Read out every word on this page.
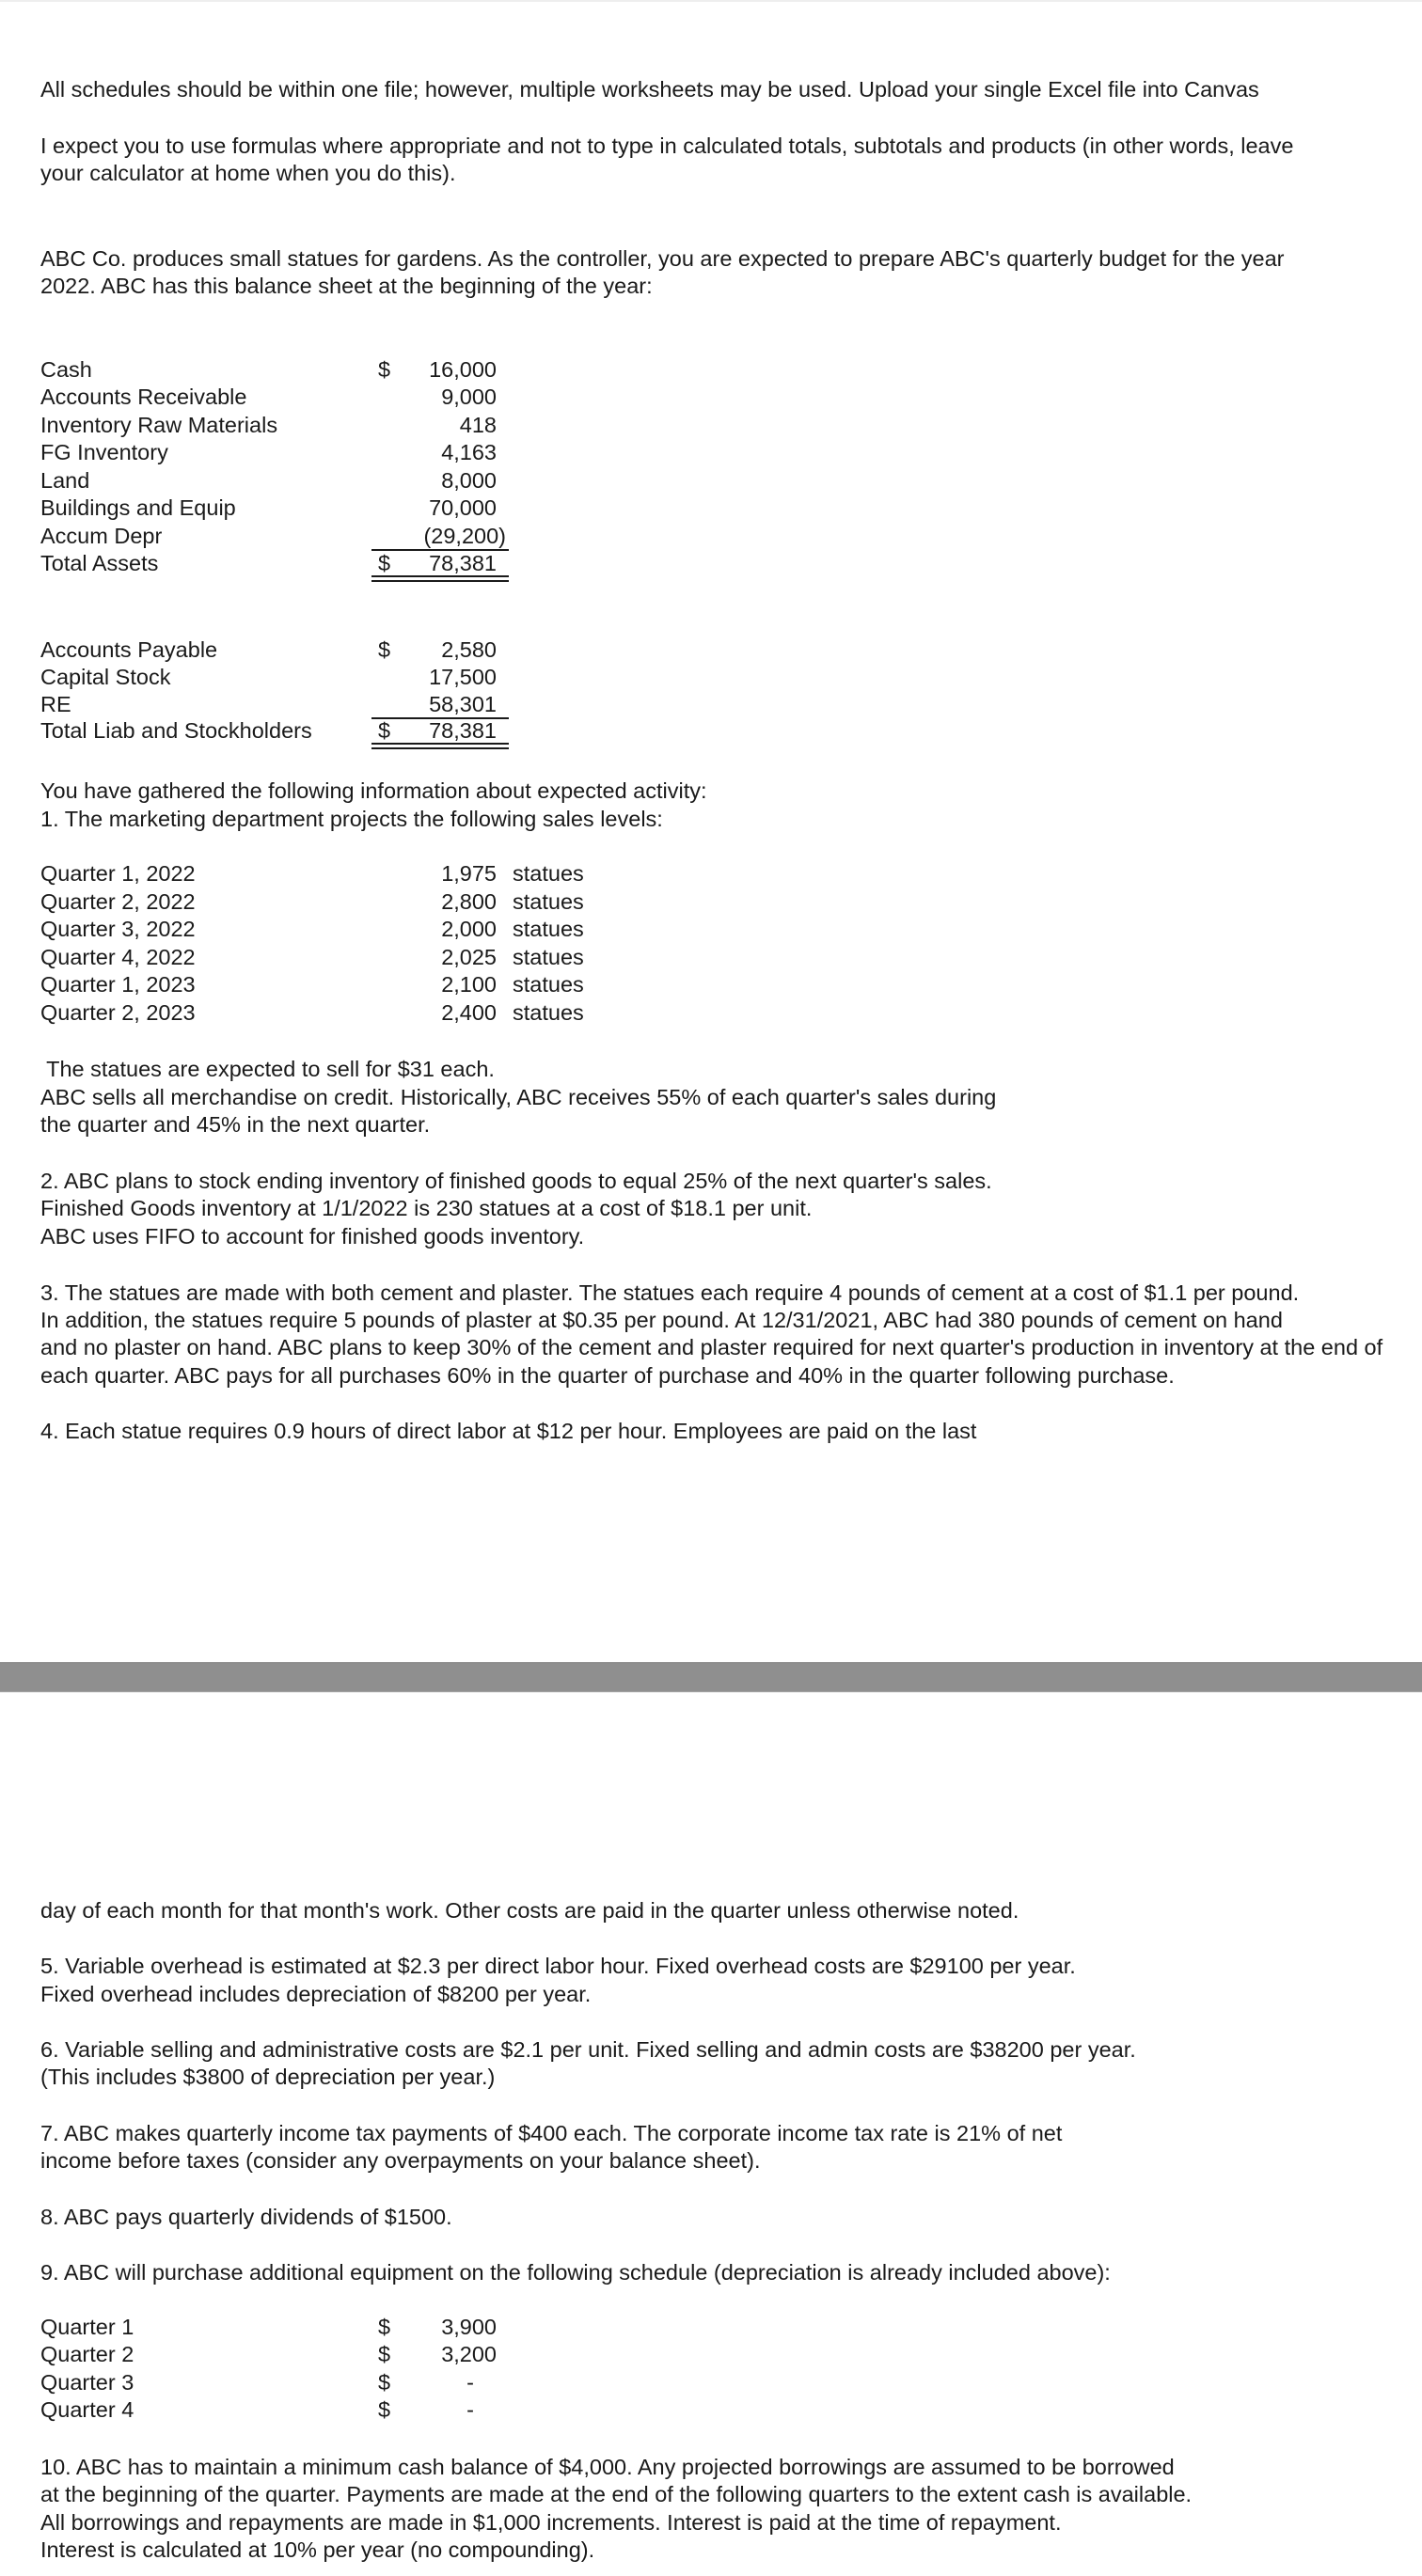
All schedules should be within one file; however, multiple worksheets may be used. Upload your single Excel file into Canvas
I expect you to use formulas where appropriate and not to type in calculated totals, subtotals and products (in other words, leave
your calculator at home when you do this).
ABC Co. produces small statues for gardens. As the controller, you are expected to prepare ABC's quarterly budget for the year
2022. ABC has this balance sheet at the beginning of the year:
Cash	$	16,000
Accounts Receivable	9,000
Inventory Raw Materials	418
FG Inventory	4,163
Land	8,000
Buildings and Equip	70,000
Accum Depr	(29,200)
Total Assets	$	78,381
Accounts Payable	$	2,580
Capital Stock	17,500
RE	58,301
Total Liab and Stockholders	$	78,381
You have gathered the following information about expected activity:
1. The marketing department projects the following sales levels:
Quarter 1, 2022	1,975 statues
Quarter 2, 2022	2,800 statues
Quarter 3, 2022	2,000 statues
Quarter 4, 2022	2,025 statues
Quarter 1, 2023	2,100 statues
Quarter 2, 2023	2,400 statues
The statues are expected to sell for $31 each.
ABC sells all merchandise on credit. Historically, ABC receives 55% of each quarter's sales during
the quarter and 45% in the next quarter.
2. ABC plans to stock ending inventory of finished goods to equal 25% of the next quarter's sales.
Finished Goods inventory at 1/1/2022 is 230 statues at a cost of $18.1 per unit.
ABC uses FIFO to account for finished goods inventory.
3. The statues are made with both cement and plaster. The statues each require 4 pounds of cement at a cost of $1.1 per pound.
In addition, the statues require 5 pounds of plaster at $0.35 per pound. At 12/31/2021, ABC had 380 pounds of cement on hand
and no plaster on hand. ABC plans to keep 30% of the cement and plaster required for next quarter's production in inventory at the end of
each quarter. ABC pays for all purchases 60% in the quarter of purchase and 40% in the quarter following purchase.
4. Each statue requires 0.9 hours of direct labor at $12 per hour. Employees are paid on the last
day of each month for that month's work. Other costs are paid in the quarter unless otherwise noted.
5. Variable overhead is estimated at $2.3 per direct labor hour. Fixed overhead costs are $29100 per year.
Fixed overhead includes depreciation of $8200 per year.
6. Variable selling and administrative costs are $2.1 per unit. Fixed selling and admin costs are $38200 per year.
(This includes $3800 of depreciation per year.)
7. ABC makes quarterly income tax payments of $400 each. The corporate income tax rate is 21% of net
income before taxes (consider any overpayments on your balance sheet).
8. ABC pays quarterly dividends of $1500.
9. ABC will purchase additional equipment on the following schedule (depreciation is already included above):
Quarter 1	$	3,900
Quarter 2	$	3,200
Quarter 3	$	-
Quarter 4	$	-
10. ABC has to maintain a minimum cash balance of $4,000. Any projected borrowings are assumed to be borrowed
at the beginning of the quarter. Payments are made at the end of the following quarters to the extent cash is available.
All borrowings and repayments are made in $1,000 increments. Interest is paid at the time of repayment.
Interest is calculated at 10% per year (no compounding).
